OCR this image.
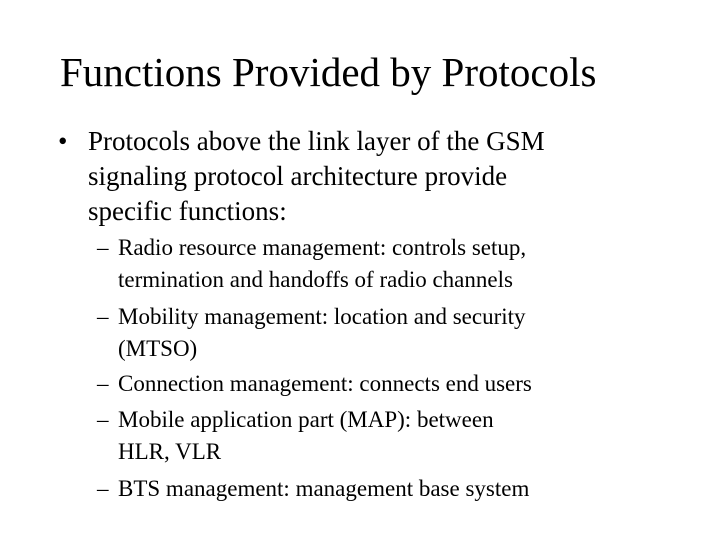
Functions Provided by Protocols
• Protocols above the link layer of the GSM
signaling protocol architecture provide
specific functions:
– Radio resource management: controls setup,
termination and handoffs of radio channels
– Mobility management: location and security
(MTSO)
– Connection management: connects end users
– Mobile application part (MAP): between
HLR, VLR
– BTS management: management base system
